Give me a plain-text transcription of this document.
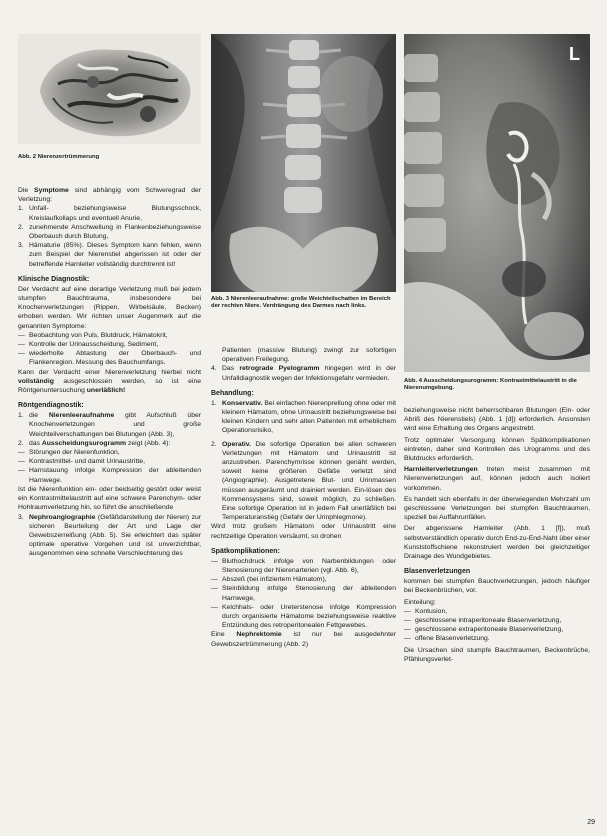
Abb. 2 Nierenzertrümmerung

Die Symptome sind abhängig vom Schweregrad der Verletzung:

1. Unfall- beziehungsweise Blutungsschock, Kreislaufkollaps und eventuell Anurie,
2. zunehmende Anschwellung in Flankenbeziehungsweise Oberbauch durch Blutung,
3. Hämaturie (85%). Dieses Symptom kann fehlen, wenn zum Beispiel der Nierenstiel abgerissen ist oder der betreffende Harnleiter vollständig durchtrennt ist!

Klinische Diagnostik:

Der Verdacht auf eine derartige Verletzung muß bei jedem stumpfen Bauchtrauma, insbesondere bei Knochenverletzungen (Rippen, Wirbelsäule, Becken) erhoben werden. Wir richten unser Augenmerk auf die genannten Symptome:

— Beobachtung von Puls, Blutdruck, Hämatokrit,
— Kontrolle der Urinausscheidung, Sediment,
— wiederholte Abtastung der Oberbauch- und Flankenregion. Messung des Bauchumfangs.

Kann der Verdacht einer Nierenverletzung hierbei nicht vollständig ausgeschlossen werden, so ist eine Röntgenuntersuchung unerläßlich!

Röntgendiagnostik:

1. die Nierenleeraufnahme gibt Aufschluß über Knochenverletzungen und große Weichteilverschattungen bei Blutungen (Abb. 3),
2. das Ausscheidungsurogramm zeigt (Abb. 4):
— Störungen der Nierenfunktion,
— Kontrastmittel- und damit Urinaustritte,
— Harnstauung infolge Kompression der ableitenden Harnwege.

Ist die Nierenfunktion ein- oder beidseitig gestört oder weist ein Kontrastmittelaustritt auf eine schwere Parenchym- oder Hohlraumverletzung hin, so führt die anschließende

3. Nephroangiographie (Gefäßdarstellung der Nieren) zur sicheren Beurteilung der Art und Lage der Gewebszerreißung (Abb. 5). Sie erleichtert das später optimale operative Vorgehen und ist unverzichtbar, ausgenommen eine schnelle Verschlechterung des
Abb. 3 Nierenleeraufnahme: große Weichteilschatten im Bereich der rechten Niere. Verdrängung des Darmes nach links.

Patienten (massive Blutung) zwingt zur sofortigen operativen Freilegung.

4. Das retrograde Pyelogramm hingegen wird in der Unfalldiagnostik wegen der Infektionsgefahr vermieden.

Behandlung:

1. Konservativ. Bei einfachen Nierenprellung ohne oder mit kleinem Hämatom, ohne Urinaustritt beziehungsweise bei kleinen Kindern und sehr alten Patienten mit erheblichem Operationsrisiko,
2. Operativ. Die sofortige Operation bei allen schweren Verletzungen mit Hämatom und Urinaustritt ist anzustreben. Parenchymrisse können genäht werden, soweit keine größeren Gefäße verletzt sind (Angiographie). Ausgetretene Blut- und Urinmassen müssen ausgeräumt und drainiert werden. Ein-lösen des Kommensystems sind, soweit möglich, zu schließen. Eine sofortige Operation ist in jedem Fall unerläßlich bei Temperaturanstieg (Gefahr der Urinphlegmone).

Wird trotz großem Hämatom oder Urinaustritt eine rechtzeitige Operation versäumt, so drohen

Spätkomplikationen:

— Bluthochdruck infolge von Narbenbildungen oder Stenosierung der Nierenarterien (vgl. Abb. 6),
— Abszeß (bei infiziertem Hämatom),
— Steinbildung infolge Stenosierung der ableitenden Harnwege,
— Kelchhals- oder Ureterstenose infolge Kompression durch organisierte Hämatome beziehungsweise reaktive Entzündung des retroperitonealen Fettgewebes.

Eine Nephrektomie ist nur bei ausgedehnter Gewebszertrümmerung (Abb. 2)

L
Abb. 4 Ausscheidungsurogramm: Kontrastmittelaustritt in die Nierenumgebung.

beziehungsweise nicht beherrschbaren Blutungen (Ein- oder Abriß des Nierenstiels) (Abb. 1 [d]) erforderlich. Ansonsten wird eine Erhaltung des Organs angestrebt.

Trotz optimaler Versorgung können Spätkomplikationen eintreten, daher sind Kontrollen des Urogramms und des Blutdrucks erforderlich.

Harnleiterverletzungen treten meist zusammen mit Nierenverletzungen auf, können jedoch auch isoliert vorkommen.

Es handelt sich ebenfalls in der überwiegenden Mehrzahl um geschlossene Verletzungen bei stumpfen Bauchtraumen, speziell bei Auffahrunfällen.

Der abgerissene Harnleiter (Abb. 1 [f]), muß selbstverständlich operativ durch End-zu-End-Naht über einer Kunststoffschiene rekonstruiert werden bei gleichzeitiger Drainage des Wundgebietes.

Blasenverletzungen

kommen bei stumpfen Bauchverletzungen, jedoch häufiger bei Beckenbrüchen, vor.

Einteilung:

— Kontusion,
— geschlossene intraperitoneale Blasenverletzung,
— geschlossene extraperitoneale Blasenverletzung,
— offene Blasenverletzung.

Die Ursachen sind stumpfe Bauchtraumen, Beckenbrüche, Pfählungsverlet-

29
